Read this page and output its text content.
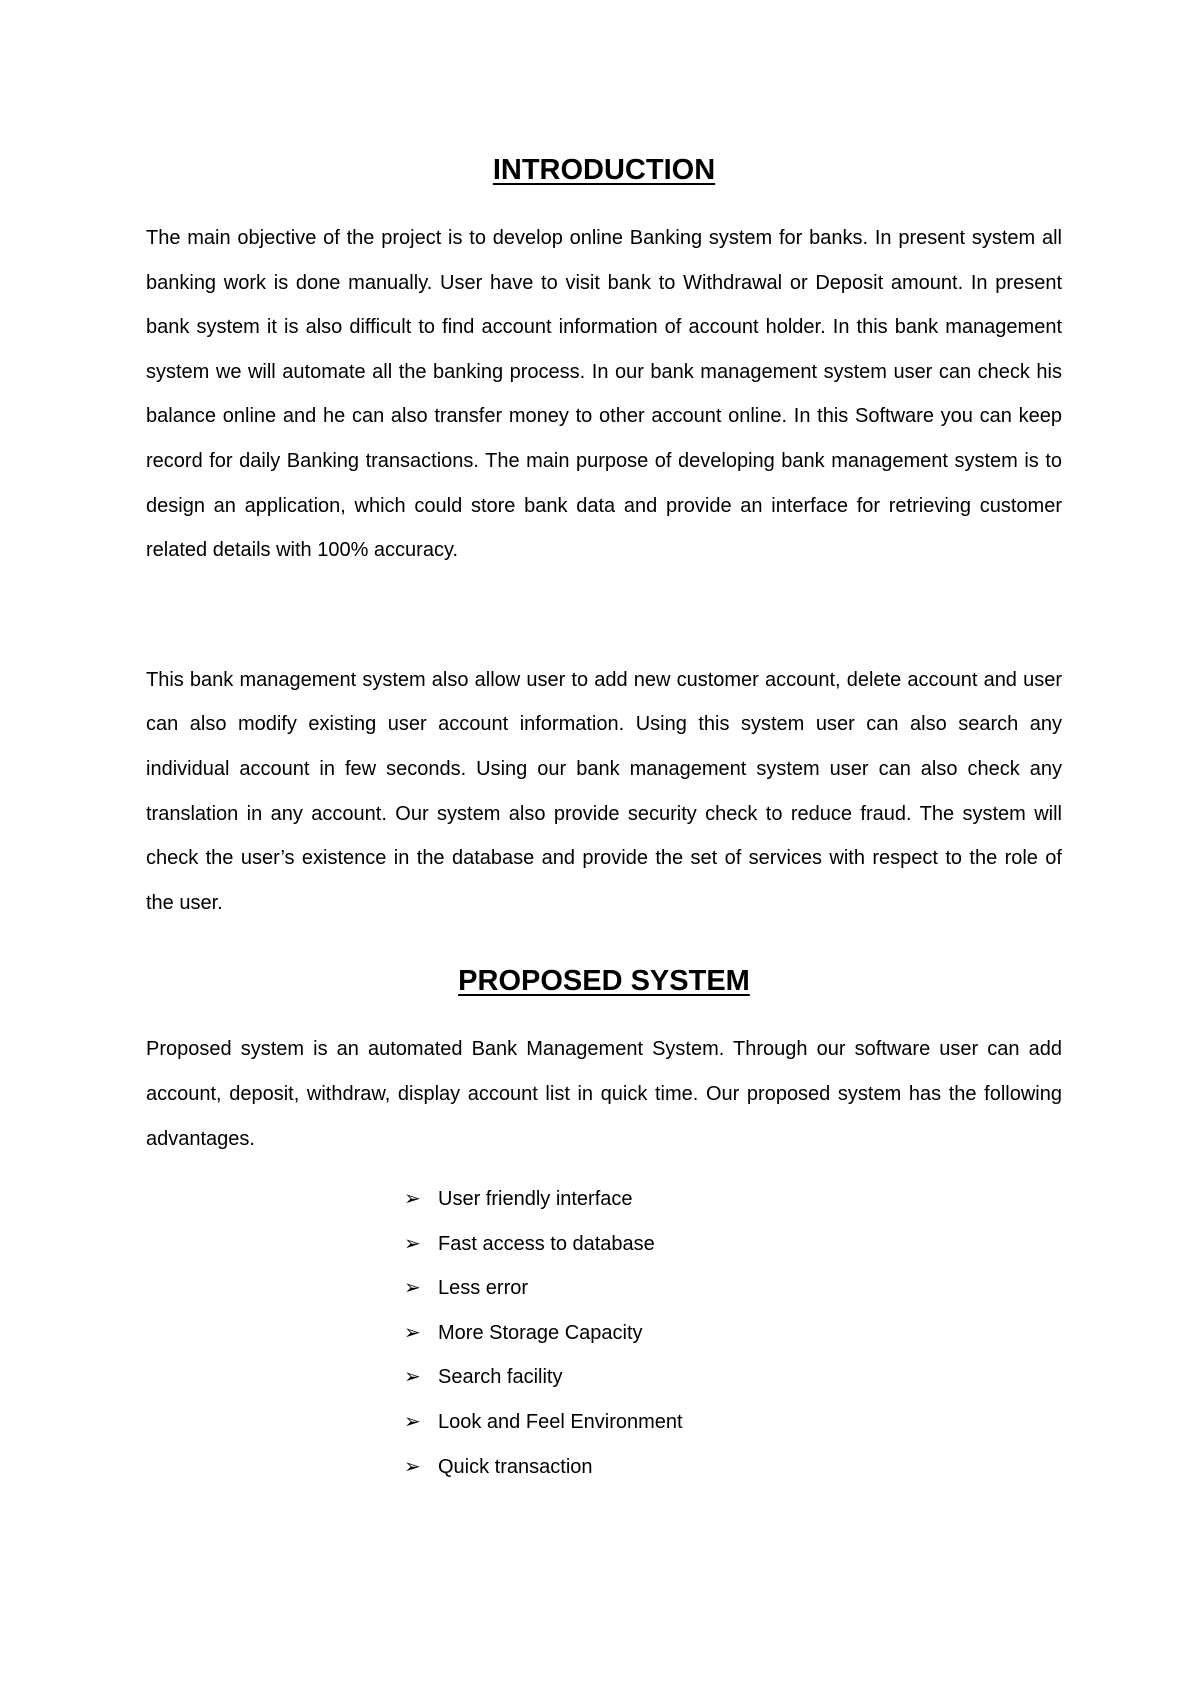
INTRODUCTION

The main objective of the project is to develop online Banking system for banks. In present system all banking work is done manually. User have to visit bank to Withdrawal or Deposit amount. In present bank system it is also difficult to find account information of account holder. In this bank management system we will automate all the banking process. In our bank management system user can check his balance online and he can also transfer money to other account online. In this Software you can keep record for daily Banking transactions. The main purpose of developing bank management system is to design an application, which could store bank data and provide an interface for retrieving customer related details with 100% accuracy.

This bank management system also allow user to add new customer account, delete account and user can also modify existing user account information. Using this system user can also search any individual account in few seconds. Using our bank management system user can also check any translation in any account. Our system also provide security check to reduce fraud. The system will check the user’s existence in the database and provide the set of services with respect to the role of the user.

PROPOSED SYSTEM

Proposed system is an automated Bank Management System. Through our software user can add account, deposit, withdraw, display account list in quick time. Our proposed system has the following advantages.

➢ User friendly interface
➢ Fast access to database
➢ Less error
➢ More Storage Capacity
➢ Search facility
➢ Look and Feel Environment
➢ Quick transaction
